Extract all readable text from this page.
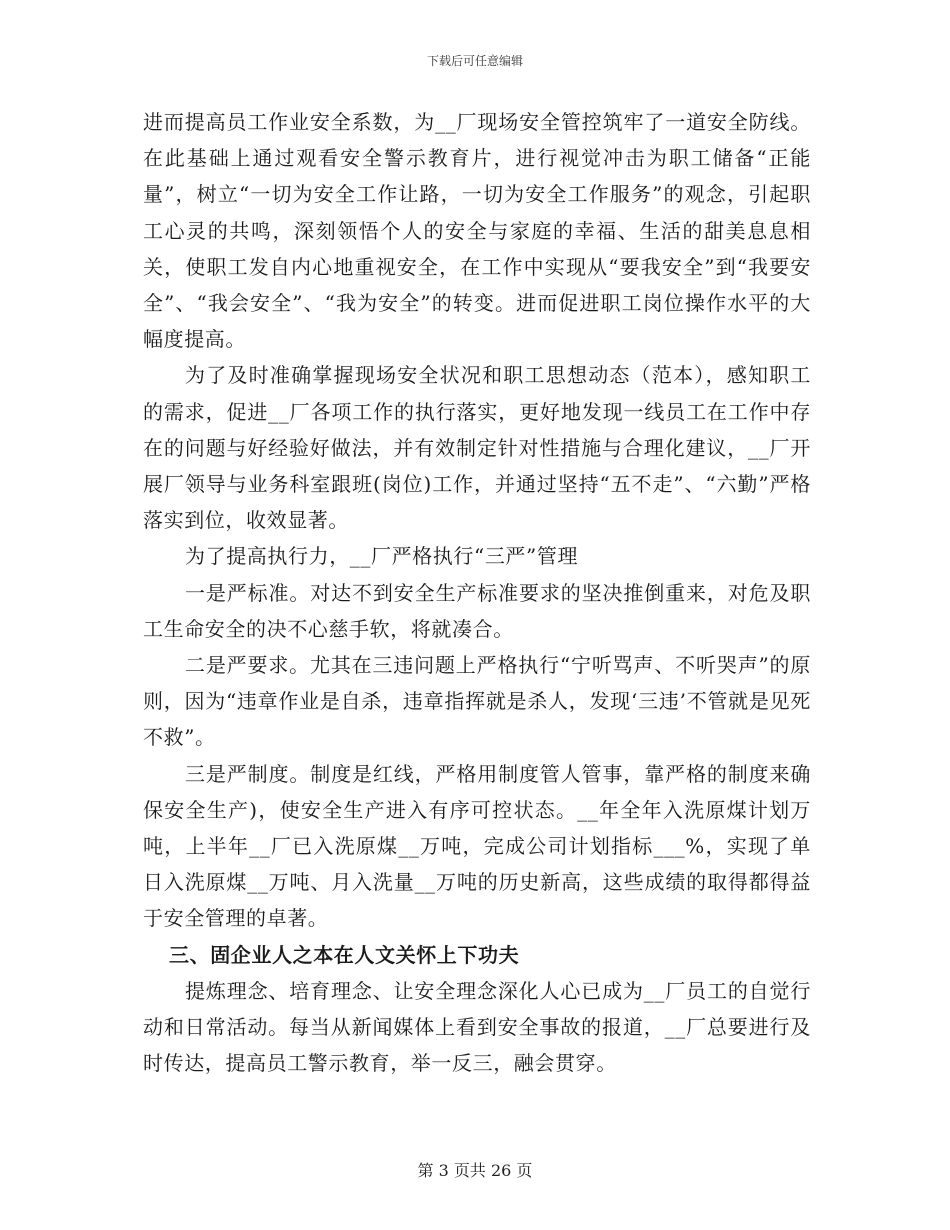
下载后可任意编辑

进而提高员工作业安全系数，为__厂现场安全管控筑牢了一道安全防线。在此基础上通过观看安全警示教育片，进行视觉冲击为职工储备“正能量”，树立“一切为安全工作让路，一切为安全工作服务”的观念，引起职工心灵的共鸣，深刻领悟个人的安全与家庭的幸福、生活的甜美息息相关，使职工发自内心地重视安全，在工作中实现从“要我安全”到“我要安全”、“我会安全”、“我为安全”的转变。进而促进职工岗位操作水平的大幅度提高。

为了及时准确掌握现场安全状况和职工思想动态（范本），感知职工的需求，促进__厂各项工作的执行落实，更好地发现一线员工在工作中存在的问题与好经验好做法，并有效制定针对性措施与合理化建议，__厂开展厂领导与业务科室跟班(岗位)工作，并通过坚持“五不走”、“六勤”严格落实到位，收效显著。

为了提高执行力，__厂严格执行“三严”管理

一是严标准。对达不到安全生产标准要求的坚决推倒重来，对危及职工生命安全的决不心慈手软，将就凑合。

二是严要求。尤其在三违问题上严格执行“宁听骂声、不听哭声”的原则，因为“违章作业是自杀，违章指挥就是杀人，发现‘三违’不管就是见死不救”。

三是严制度。制度是红线，严格用制度管人管事，靠严格的制度来确保安全生产)，使安全生产进入有序可控状态。__年全年入洗原煤计划万吨，上半年__厂已入洗原煤__万吨，完成公司计划指标___%，实现了单日入洗原煤__万吨、月入洗量__万吨的历史新高，这些成绩的取得都得益于安全管理的卓著。

三、固企业人之本在人文关怀上下功夫

提炼理念、培育理念、让安全理念深化人心已成为__厂员工的自觉行动和日常活动。每当从新闻媒体上看到安全事故的报道，__厂总要进行及时传达，提高员工警示教育，举一反三，融会贯穿。

第 3 页共 26 页
